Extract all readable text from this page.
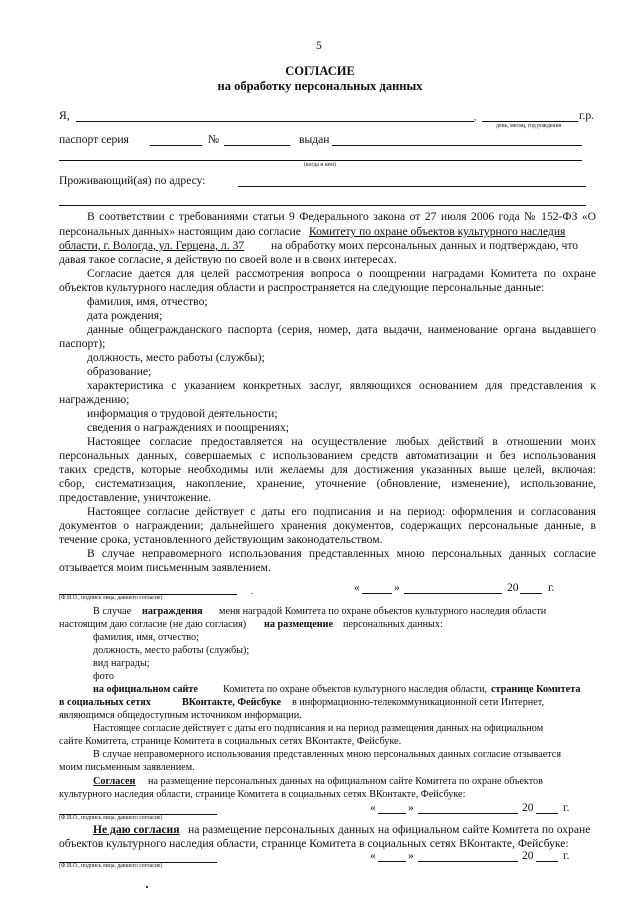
5
СОГЛАСИЕ
на обработку персональных данных
Я,	,	г.р.
день, месяц, год рождения
паспорт серия	№	выдан
(когда и кем)
Проживающий(ая) по адресу:
В соответствии с требованиями статьи 9 Федерального закона от 27 июля 2006 года № 152-ФЗ «О
персональных данных» настоящим даю согласие Комитету по охране объектов культурного наследия
области, г. Вологда, ул. Герцена, л. 37 на обработку моих персональных данных и подтверждаю, что
давая такое согласие, я действую по своей воле и в своих интересах.
Согласие дается для целей рассмотрения вопроса о поощрении наградами Комитета по охране
объектов культурного наследия области и распространяется на следующие персональные данные:
фамилия, имя, отчество;
дата рождения;
данные общегражданского паспорта (серия, номер, дата выдачи, наименование органа выдавшего
паспорт);
должность, место работы (службы);
образование;
характеристика с указанием конкретных заслуг, являющихся основанием для представления к
награждению;
информация о трудовой деятельности;
сведения о награждениях и поощрениях;
Настоящее согласие предоставляется на осуществление любых действий в отношении моих
персональных данных, совершаемых с использованием средств автоматизации и без использования
таких средств, которые необходимы или желаемы для достижения указанных выше целей, включая:
сбор, систематизация, накопление, хранение, уточнение (обновление, изменение), использование,
предоставление, уничтожение.
Настоящее согласие действует с даты его подписания и на период: оформления и согласования
документов о награждении; дальнейшего хранения документов, содержащих персональные данные, в
течение срока, установленного действующим законодательством.
В случае неправомерного использования представленных мною персональных данных согласие
отзывается моим письменным заявлением.
(Ф.И.О., подпись лица, давшего согласие)
.	«	»	20	г.
В случае награждения меня наградой Комитета по охране объектов культурного наследия области
настоящим даю согласие (не даю согласия) на размещение персональных данных:
фамилия, имя, отчество;
должность, место работы (службы);
вид награды;
фото
на официальном сайте Комитета по охране объектов культурного наследия области, странице Комитета
в социальных сетях	ВКонтакте, Фейсбуке в информационно-телекоммуникационной сети Интернет,
являющимся общедоступным источником информации.
Настоящее согласие действует с даты его подписания и на период размещения данных на официальном
сайте Комитета, странице Комитета в социальных сетях ВКонтакте, Фейсбуке.
В случае неправомерного использования представленных мною персональных данных согласие отзывается
моим письменным заявлением.
Согласен на размещение персональных данных на официальном сайте Комитета по охране объектов
культурного наследия области, странице Комитета в социальных сетях ВКонтакте, Фейсбуке:
(Ф.И.О., подпись лица, давшего согласие)
«	»	20	г.
Не даю согласия на размещение персональных данных на официальном сайте Комитета по охране
объектов культурного наследия области, странице Комитета в социальных сетях ВКонтакте, Фейсбуке:
(Ф.И.О., подпись лица, давшего согласие)
«	»	20	г.
